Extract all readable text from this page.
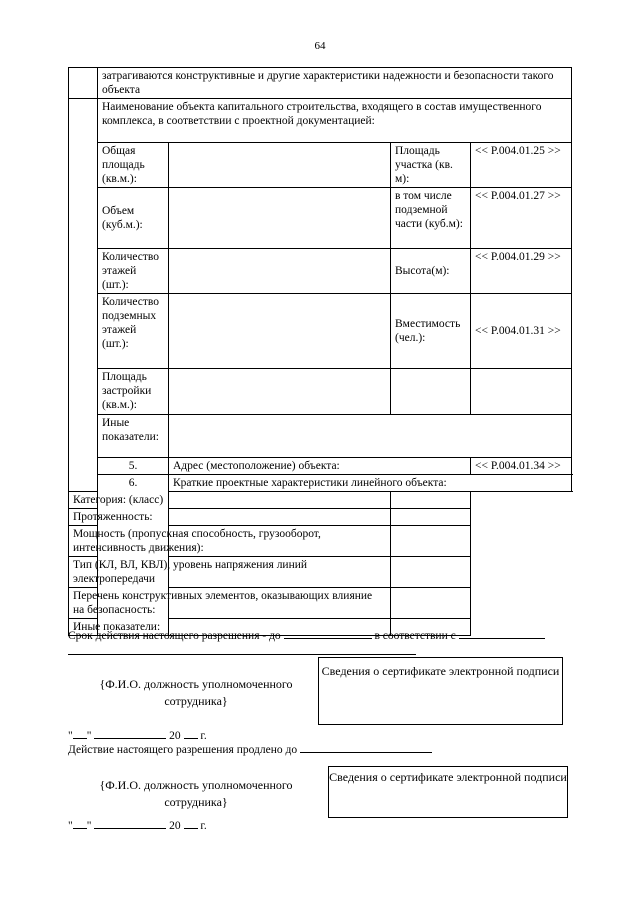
64
	затрагиваются конструктивные и другие характеристики надежности и безопасности такого объекта			
	Наименование объекта капитального строительства, входящего в состав имущественного комплекса, в соответствии с проектной документацией:			
	Общая площадь (кв.м.):		Площадь участка (кв. м):	<< P.004.01.25 >>
	Объем (куб.м.):		в том числе подземной части (куб.м):	<< P.004.01.27 >>
	Количество этажей (шт.):		Высота(м):	<< P.004.01.29 >>
	Количество подземных этажей (шт.):		Вместимость (чел.):	<< P.004.01.31 >>
	Площадь застройки (кв.м.):			
	Иные показатели:			
	5.	Адрес (местоположение) объекта:		<< P.004.01.34 >>
	6.	Краткие проектные характеристики линейного объекта:		
Категория: (класс)				
Протяженность:				
Мощность (пропускная способность, грузооборот, интенсивность движения):				
Тип (КЛ, ВЛ, КВЛ), уровень напряжения линий электропередачи				
Перечень конструктивных элементов, оказывающих влияние на безопасность:				
Иные показатели:				
Срок действия настоящего разрешения - до	в соответствии с
{Ф.И.О. должность уполномоченного сотрудника}
Сведения о сертификате электронной подписи
" "	20 г.
Действие настоящего разрешения продлено до
{Ф.И.О. должность уполномоченного сотрудника}
Сведения о сертификате электронной подписи
" "	20 г.
